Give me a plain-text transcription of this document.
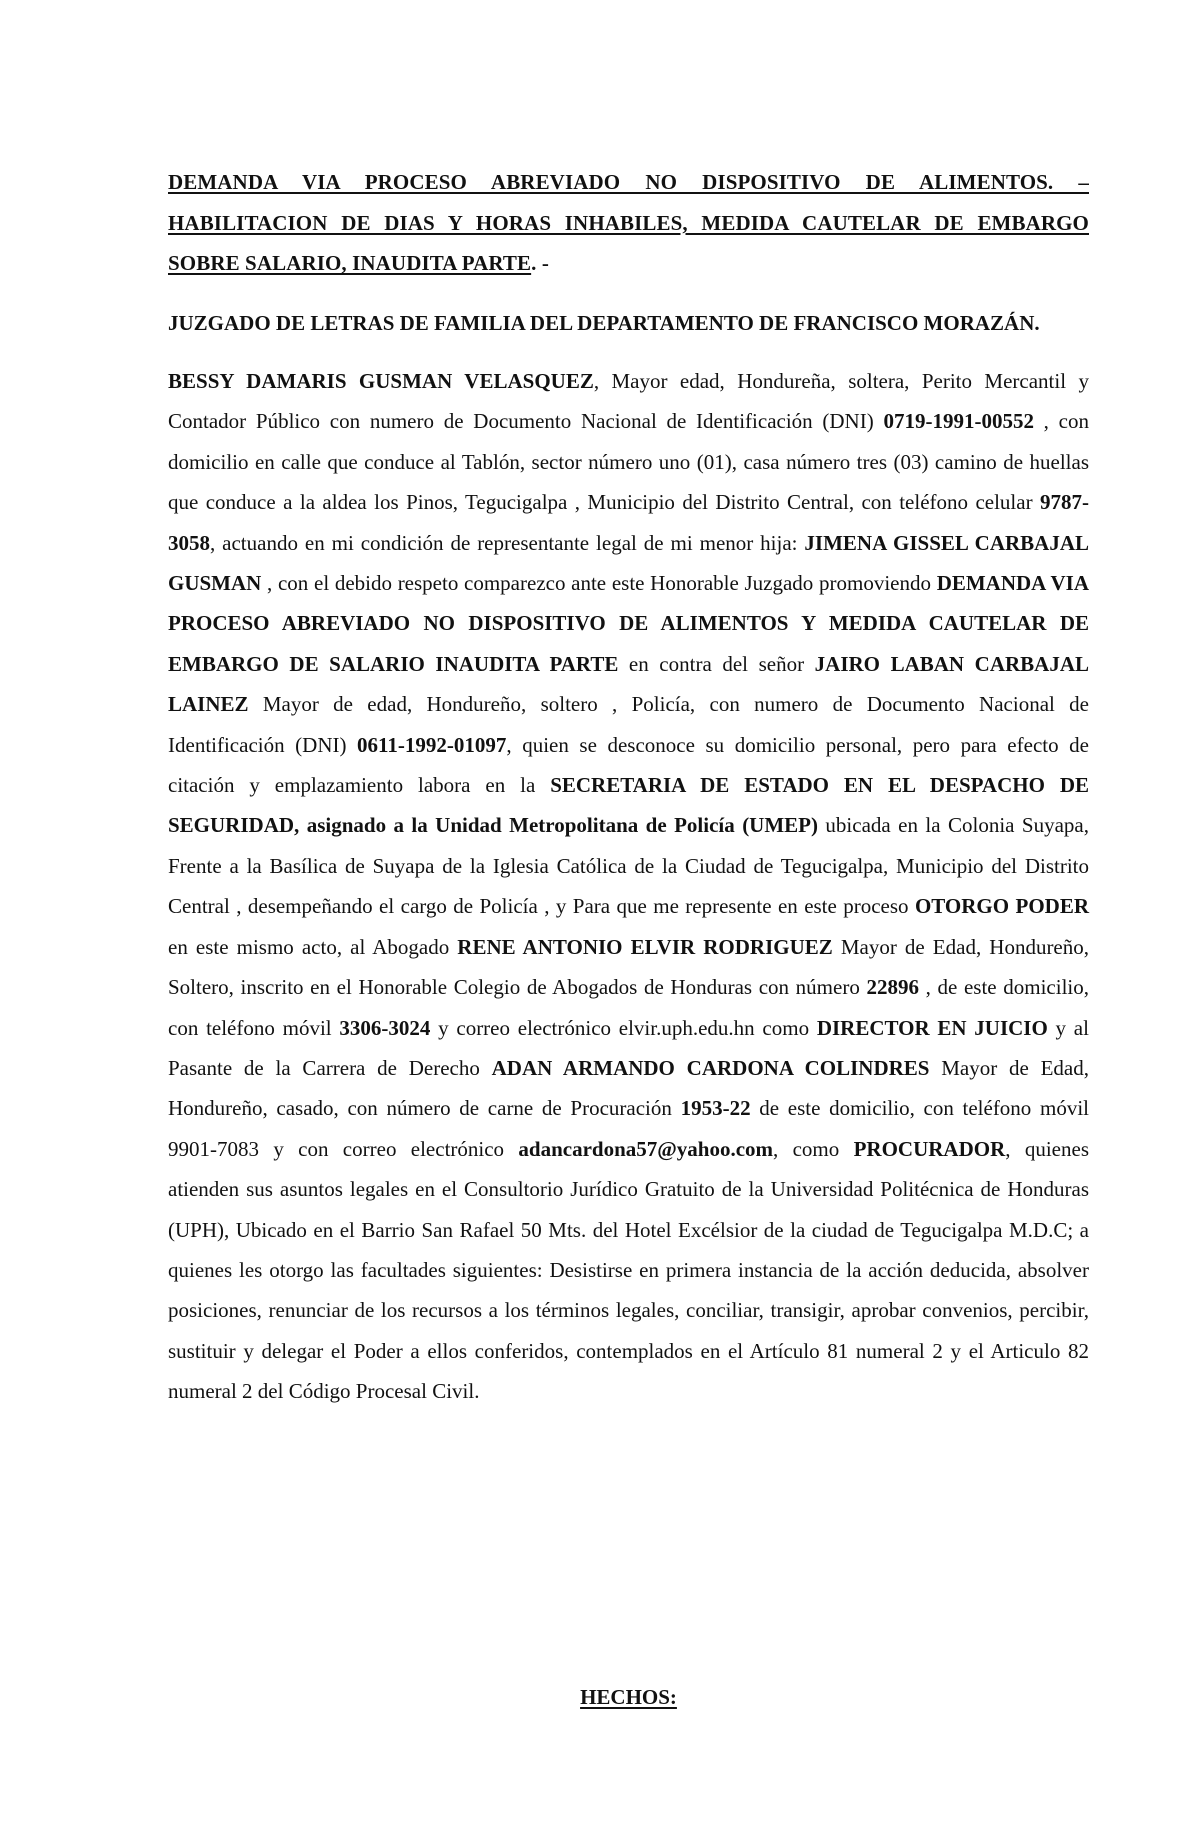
DEMANDA VIA PROCESO ABREVIADO NO DISPOSITIVO DE ALIMENTOS. – HABILITACION DE DIAS Y HORAS INHABILES, MEDIDA CAUTELAR DE EMBARGO SOBRE SALARIO, INAUDITA PARTE. -

JUZGADO DE LETRAS DE FAMILIA DEL DEPARTAMENTO DE FRANCISCO MORAZÁN.

BESSY DAMARIS GUSMAN VELASQUEZ, Mayor edad, Hondureña, soltera, Perito Mercantil y Contador Público con numero de Documento Nacional de Identificación (DNI) 0719-1991-00552 , con domicilio en calle que conduce al Tablón, sector número uno (01), casa número tres (03) camino de huellas que conduce a la aldea los Pinos, Tegucigalpa , Municipio del Distrito Central, con teléfono celular 9787-3058, actuando en mi condición de representante legal de mi menor hija: JIMENA GISSEL CARBAJAL GUSMAN , con el debido respeto comparezco ante este Honorable Juzgado promoviendo DEMANDA VIA PROCESO ABREVIADO NO DISPOSITIVO DE ALIMENTOS Y MEDIDA CAUTELAR DE EMBARGO DE SALARIO INAUDITA PARTE en contra del señor JAIRO LABAN CARBAJAL LAINEZ Mayor de edad, Hondureño, soltero , Policía, con numero de Documento Nacional de Identificación (DNI) 0611-1992-01097, quien se desconoce su domicilio personal, pero para efecto de citación y emplazamiento labora en la SECRETARIA DE ESTADO EN EL DESPACHO DE SEGURIDAD, asignado a la Unidad Metropolitana de Policía (UMEP) ubicada en la Colonia Suyapa, Frente a la Basílica de Suyapa de la Iglesia Católica de la Ciudad de Tegucigalpa, Municipio del Distrito Central , desempeñando el cargo de Policía , y Para que me represente en este proceso OTORGO PODER en este mismo acto, al Abogado RENE ANTONIO ELVIR RODRIGUEZ Mayor de Edad, Hondureño, Soltero, inscrito en el Honorable Colegio de Abogados de Honduras con número 22896 , de este domicilio, con teléfono móvil 3306-3024 y correo electrónico elvir.uph.edu.hn como DIRECTOR EN JUICIO y al Pasante de la Carrera de Derecho ADAN ARMANDO CARDONA COLINDRES Mayor de Edad, Hondureño, casado, con número de carne de Procuración 1953-22 de este domicilio, con teléfono móvil 9901-7083 y con correo electrónico adancardona57@yahoo.com, como PROCURADOR, quienes atienden sus asuntos legales en el Consultorio Jurídico Gratuito de la Universidad Politécnica de Honduras (UPH), Ubicado en el Barrio San Rafael 50 Mts. del Hotel Excélsior de la ciudad de Tegucigalpa M.D.C; a quienes les otorgo las facultades siguientes: Desistirse en primera instancia de la acción deducida, absolver posiciones, renunciar de los recursos a los términos legales, conciliar, transigir, aprobar convenios, percibir, sustituir y delegar el Poder a ellos conferidos, contemplados en el Artículo 81 numeral 2 y el Articulo 82 numeral 2 del Código Procesal Civil.

HECHOS:
